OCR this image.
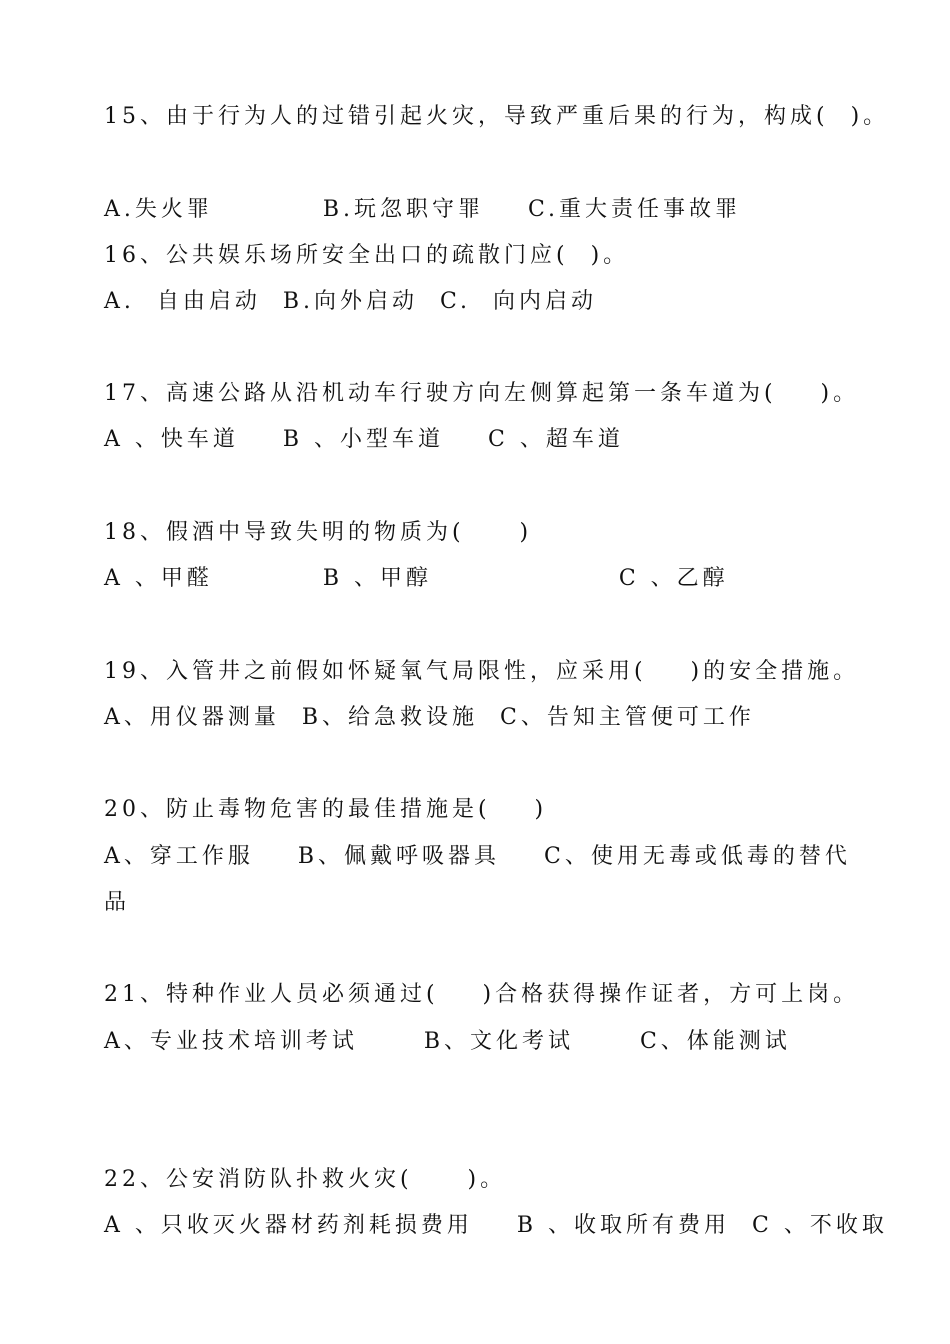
15、由于行为人的过错引起火灾，导致严重后果的行为，构成(  )。
A.失火罪          B.玩忽职守罪    C.重大责任事故罪
16、公共娱乐场所安全出口的疏散门应(  )。
A.  自由启动  B.向外启动  C.  向内启动
17、高速公路从沿机动车行驶方向左侧算起第一条车道为(    )。
A 、快车道    B 、小型车道    C 、超车道
18、假酒中导致失明的物质为(     )
A 、甲醛          B 、甲醇                 C 、乙醇
19、入管井之前假如怀疑氧气局限性，应采用(    )的安全措施。
A、用仪器测量  B、给急救设施  C、告知主管便可工作
20、防止毒物危害的最佳措施是(    )
A、穿工作服    B、佩戴呼吸器具    C、使用无毒或低毒的替代
品
21、特种作业人员必须通过(    )合格获得操作证者，方可上岗。
A、专业技术培训考试      B、文化考试      C、体能测试
22、公安消防队扑救火灾(     )。
A 、只收灭火器材药剂耗损费用    B 、收取所有费用  C 、不收取
